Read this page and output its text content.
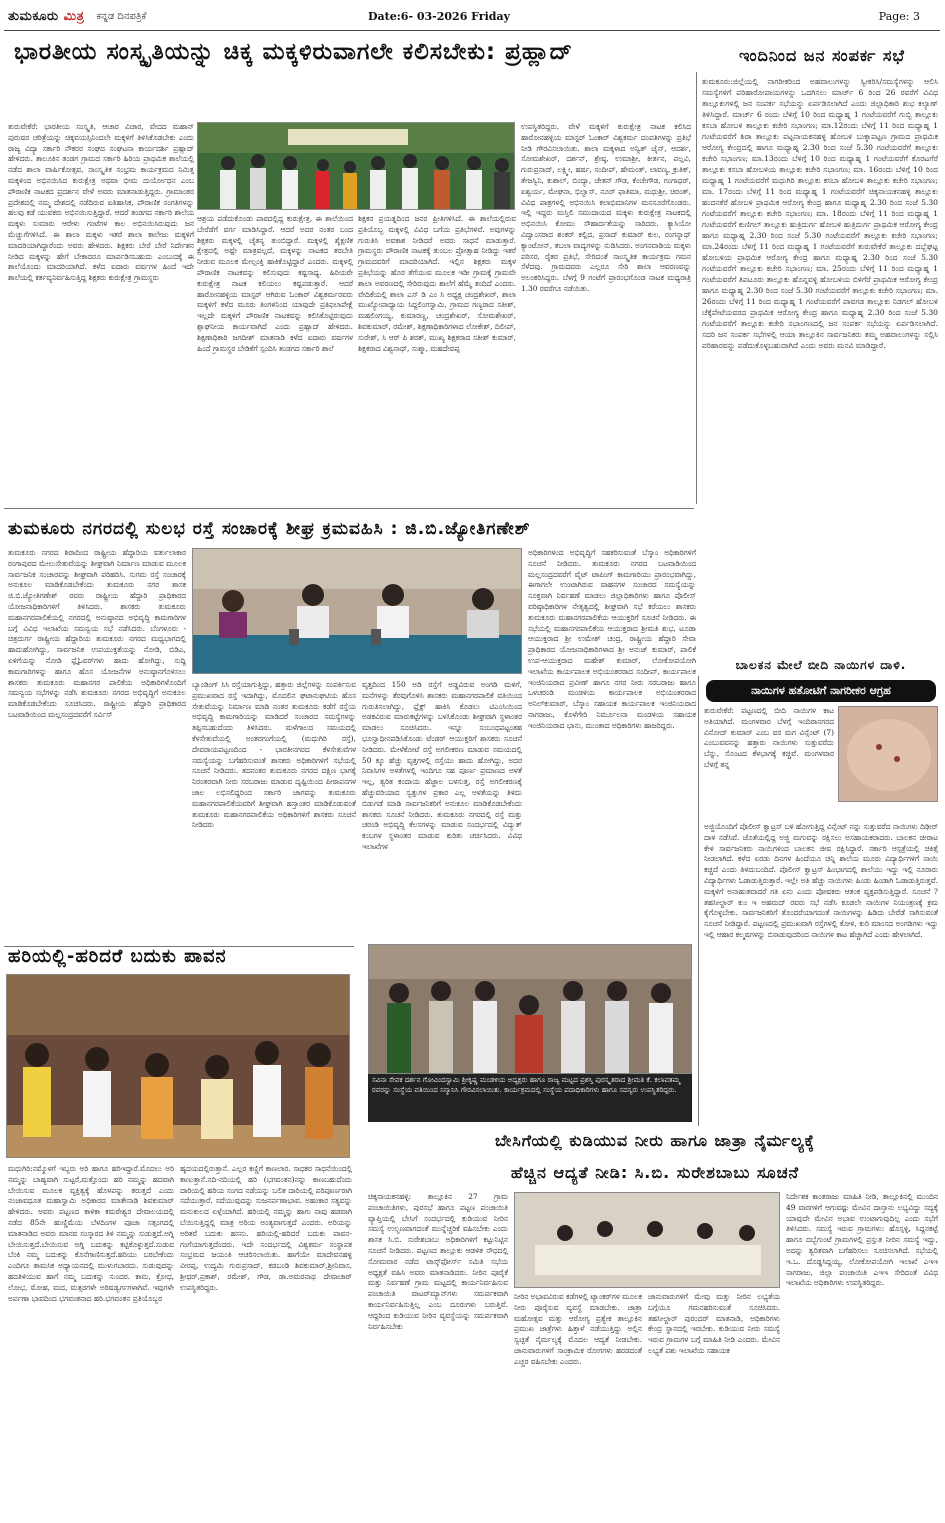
ತುಮಕೂರು ಮಿತ್ರ ಕನ್ನಡ ದಿನಪತ್ರಿಕೆ	Date:6- 03-2026 Friday	Page: 3
ಭಾರತೀಯ ಸಂಸ್ಕೃತಿಯನ್ನು ಚಿಕ್ಕ ಮಕ್ಕಳಿರುವಾಗಲೇ ಕಲಿಸಬೇಕು: ಪ್ರಹ್ಲಾದ್	ಇಂದಿನಿಂದ ಜನ ಸಂಪರ್ಕ ಸಭೆ
ತುರುವೇಕೆರೆ: ಭಾರತೀಯ ಸಂಸ್ಕೃತಿ, ಆಚಾರ ವಿಚಾರ, ವೇದದ ಮಹಾನ್ ಪುರುಷರ ಚರಿತ್ರೆಯನ್ನು ಚಿಕ್ಕವಯಸ್ಸಿನಿಂದಲೇ ಮಕ್ಕಳಿಗೆ ತಿಳಿಸಿಕೊಡಬೇಕು ಎಂದು ರಾಜ್ಯ ವಿದ್ಯಾ ಸರ್ಕಾರಿ ನೌಕರರ ಸಂಘದ ಸಂಘಟನಾ ಕಾರ್ಯದರ್ಶಿ ಪ್ರಹ್ಲಾದ್ ಹೇಳಿದರು. ತಾಲೂಕಿನ ತಂಡಗ ಗ್ರಾಮದ ಸರ್ಕಾರಿ ಹಿರಿಯ ಪ್ರಾಥಮಿಕ ಶಾಲೆಯಲ್ಲಿ ನಡೆದ ಶಾಲಾ ವಾರ್ಷಿಕೋತ್ಸವ, ಸಾಂಸ್ಕೃತಿಕ ಸಂಭ್ರಮ ಕಾರ್ಯಕ್ರಮದ ನಿಮಿತ್ತ ಮಕ್ಕಳಿಂದ ಅಭಿನಯಿಸಿದ ಕುರುಕ್ಷೇತ್ರ ಅಥವಾ ಭೀಮ ದುರ್ಯೋಧನ ಎಂಬ ಪೌರಾಣಿಕ ನಾಟಕದ ಪ್ರದರ್ಶನ ವೇಳೆ ಅವರು ಮಾತನಾಡುತ್ತಿದ್ದರು. ಗ್ರಾಮಾಂತರ ಪ್ರದೇಶದಲ್ಲಿ ನಮ್ಮ ದೇಶದಲ್ಲಿ ನಡೆದಿರುವ ಐತಿಹಾಸಿಕ, ಪೌರಾಣಿಕ ಸಂಗತಿಗಳನ್ನು ಹಲವು ಕಡೆ ಯುವಕರು ಅಭಿನಯಿಸುತ್ತಿದ್ದಾರೆ. ಆದರೆ ತಂಡಗದ ಸರ್ಕಾರಿ ಶಾಲೆಯ ಮಕ್ಕಳು ಸುಮಾರು ಆರೇಳು ಗಂಟೆಗಳ ಕಾಲ ಅಭಿನಯಿಸಿರುವುದು ಜನ ಮೆಚ್ಚುಗೆಗಳಿಸಿದೆ. ಈ ಶಾಲಾ ಮಕ್ಕಳು ಇತರೆ ಶಾಲಾ ಕಾಲೇಜು ಮಕ್ಕಳಿಗೆ ಮಾದರಿಯಾಗಿದ್ದಾರೆಂದು ಅವರು ಹೇಳಿದರು. ಶಿಕ್ಷಕರು ಬೇರೆ ಬೇರೆ ನಿರ್ದೇಶನ ನೀಡಿದ ಮಕ್ಕಳನ್ನು ಹೇಗೆ ಬೇಕಾದರೂ ಮಾರ್ಪಡಿಸಬಹುದು ಎಂಬುದಕ್ಕೆ ಈ ಶಾಲೆಯೊಂದು ಮಾದರಿಯಾಗಿದೆ. ಕಳೆದ ಐದಾರು ವರ್ಷಗಳ ಹಿಂದೆ ಇದೇ ಶಾಲೆಯಲ್ಲಿ ಕರ್ತವ್ಯನಿರ್ವಹಿಸುತ್ತಿದ್ದ ಶಿಕ್ಷಕರು ಕುರುಕ್ಷೇತ್ರ ಗ್ರಾಮಸ್ಥರು
ಆಶ್ರಯ ಪಡೆದುಕೊಂಡು ಪಾಠದಲ್ಲಿದ್ದ ಕುರುಕ್ಷೇತ್ರ, ಈ ಶಾಲೆಯಿಂದ ಬೇರೆಡೆಗೆ ವರ್ಗ ಮಾಡಿಸಿದ್ದಾರೆ. ಆದರೆ ಅದರ ನಂತರ ಬಂದ ಶಿಕ್ಷಕರು ಮಕ್ಕಳಲ್ಲಿ ಚೈತನ್ಯ ತುಂಬಿದ್ದಾರೆ. ಮಕ್ಕಳಲ್ಲಿ ಶೈಕ್ಷಣಿಕ ಕ್ಷೇತ್ರದಲ್ಲಿ ಅಷ್ಟೇ ಮಾತ್ರವಲ್ಲದೆ, ಮಕ್ಕಳನ್ನು ನಾಟಕದ ತರಬೇತಿ ನೀಡುವ ಮೂಲಕ ಮೇಲ್ಪಂಕ್ತಿ ಹಾಕಿಕೊಟ್ಟಿದ್ದಾರೆ ಎಂದರು. ಮಕ್ಕಳಲ್ಲಿ ಪೌರಾಣಿಕ ನಾಟಕವನ್ನು ಕಲಿಸುವುದು ಕಷ್ಟಸಾಧ್ಯ. ಹಿರಿಯರೇ ಕುರುಕ್ಷೇತ್ರ ನಾಟಕ ಕಲಿಯಲು ಕಷ್ಟಪಡುತ್ತಾರೆ. ಆದರೆ ಹಾರೋನಹಳ್ಳಿಯ ಮಾಸ್ಟರ್ ಆಗಿರುವ ಓಂಕಾರ್ ವಿಶ್ವಕರ್ಮರವರು ಮಕ್ಕಳಿಗೆ ಕಳೆದ ಮೂರು ತಿಂಗಳಿನಿಂದ ಯಾವುದೇ ಪ್ರತಿಫಲಾಪೇಕ್ಷೆ ಇಲ್ಲದೇ ಮಕ್ಕಳಿಗೆ ಪೌರಾಣಿಕ ನಾಟಕವನ್ನು ಕಲಿಸಿಕೊಟ್ಟಿರುವುದು ಶ್ಲಾಘನೀಯ ಕಾರ್ಯವಾಗಿದೆ ಎಂದು ಪ್ರಹ್ಲಾದ್ ಹೇಳಿದರು. ಶಿಕ್ಷಣಾಧಿಕಾರಿ ಜಗದೀಶ್ ಮಾತನಾಡಿ ಕಳೆದ ಐದಾರು ವರ್ಷಗಳ ಹಿಂದೆ ಗ್ರಾಮಸ್ಥರ ಬೇಡಿಕೆಗೆ ಸ್ಪಂದಿಸಿ ತಂಡಗದ ಸರ್ಕಾರಿ ಶಾಲೆ
ಶಿಕ್ಷಕರ ಪ್ರಯತ್ನದಿಂದ ಜನರ ಪ್ರೀತಿಗಳಿಸಿದೆ. ಈ ಶಾಲೆಯಲ್ಲಿರುವ ಪ್ರತಿಯೊಬ್ಬ ಮಕ್ಕಳಲ್ಲಿ ವಿವಿಧ ಬಗೆಯ ಪ್ರತಿಭೆಗಳಿವೆ. ಅವುಗಳನ್ನು ಗುರುತಿಸಿ ಅವಕಾಶ ನೀಡಿದರೆ ಅವರು ಸಾಧನೆ ಮಾಡುತ್ತಾರೆ. ಗ್ರಾಮಸ್ಥರು ಪೌರಾಣಿಕ ನಾಟಕಕ್ಕೆ ತುಂಬಲ ಪ್ರೋತ್ಸಾಹ ನೀಡಿದ್ದು ಇತರೆ ಗ್ರಾಮದವರಿಗೆ ಮಾದರಿಯಾಗಿದೆ. ಇಲ್ಲಿನ ಶಿಕ್ಷಕರು ಮಕ್ಕಳ ಪ್ರತಿಭೆಯನ್ನು ಹೊರ ತೆಗೆಯುವ ಮೂಲಕ ಇಡೀ ಗ್ರಾಮಕ್ಕೆ ಗ್ರಾಮವೇ ಶಾಲಾ ಅವರಣದಲ್ಲಿ ಸೇರಿರುವುದು ಶಾಲೆಗೆ ಹೆಮ್ಮೆ ತಂದಿದೆ ಎಂದರು. ವೇದಿಕೆಯಲ್ಲಿ ಶಾಲಾ ಎಸ್ ಡಿ ಎಂ ಸಿ ಅಧ್ಯಕ್ಷ ಚಂದ್ರಶೇಖರ್, ಶಾಲಾ ಮುಖ್ಯೋಪಾಧ್ಯಾಯ ಸಿದ್ದಲಿಂಗಸ್ವಾಮಿ, ಗ್ರಾಮದ ಗಣ್ಯರಾದ ಸತೀಶ್, ಮಹಲಿಂಗಯ್ಯ, ಕುಮಾರಣ್ಣ, ಚಂದ್ರಶೇಖರ್, ಸೋಮಶೇಖರ್, ಶಿವಕುಮಾರ್, ರಮೇಶ್, ಶಿಕ್ಷಣಾಧಿಕಾರಿಗಳಾದ ಲೋಕೇಶ್, ದಿಲೀಪ್, ಸುರೇಶ್, ಸಿ ಆರ್ ಪಿ ಶರತ್, ಮುಖ್ಯ ಶಿಕ್ಷಕರಾದ ಸತೀಶ್ ಕುಮಾರ್, ಶಿಕ್ಷಕರಾದ ವಿಶ್ವನಾಥ್, ಸುಶ್ಮಾ, ಮಹದೇವಪ್ಪ
ಉಪಸ್ಥಿತರಿದ್ದರು. ವೇಳೆ ಮಕ್ಕಳಿಗೆ ಕುರುಕ್ಷೇತ್ರ ನಾಟಕ ಕಲಿಸಿದ ಹಾರೋನಹಳ್ಳಿಯ ಮಾಸ್ಟರ್ ಓಂಕಾರ್ ವಿಶ್ವಕರ್ಮ ದಂಪತಿಗಳನ್ನು ಪ್ರತಿಭೆ ನೀಡಿ ಗೌರವಿಸಲಾಯಿತು. ಶಾಲಾ ಮಕ್ಕಳಾದ ಅನ್ವಿತ್ ಜೈನ್, ಆದರ್ಶ, ಸೋಮಶೇಖರ್, ದರ್ಶನ್, ಶ್ರೇಷ್ಠ, ಉಮಾಶ್ರೀ, ಕೀರ್ತನ, ಪಲ್ಲವಿ, ಗುರುಪ್ರಸಾದ್, ಲಕ್ಷ್ಮೀ, ಹರ್ಷ, ಸಂದೀಪ್, ಹೇಮಂತ್, ಲಾವಣ್ಯ, ಕ್ರುತಿಕ್, ತೇಜಸ್ವಿನಿ, ಕುಶಾಲ್, ಬಿಂದ್ಯಾ, ಚೇತನ್ ಗೌಡ, ಕೆಂಚೇಗೌಡ, ಗಂಗಾಧರ್, ಐಶ್ವರ್ಯ, ಮೇಘನಾ, ಭಿಲ್ವಾಸ್, ನೂರ್ ಫಾತಿಮಾ, ಮಧುಶ್ರೀ, ಚಿರಂತ್, ವಿವಿಧ ಪಾತ್ರಗಳಲ್ಲಿ ಅಭಿನಯಿಸಿ ಕಲಾಭಿಮಾನಿಗಳ ಮನಸೂರೆಗೊಂಡರು. ಇಲ್ಲಿ ಇದ್ದರು ಮಸ್ತಿಲಿ ಸಮುದಾಯದ ಮಕ್ಕಳು ಕುರುಕ್ಷೇತ್ರ ನಾಟಕದಲ್ಲಿ ಅಭಿನಯಿಸಿ ಕೋಮು ಸೌಹಾರ್ದತೆಯನ್ನು ಸಾರಿದರು. ಕ್ಯಾಸಿಯೋ ವಿದ್ವಾಂಸರಾದ ಶಂಕರ್ ಕಲ್ಲಿದ, ಪ್ರಸಾದ್ ಕುಮಾರ್ ಕುಲ, ರಂಗನ್ನಾಥ್ ಕ್ಯಾಂಟೋನ್, ತಬಲಾ ವಾದ್ಯಗಳನ್ನು ನುಡಿಸಿದರು. ಅಂಗನವಾಡಿಯ ಮಕ್ಕಳು ಪರಿಸರ, ರೈತರ ಪ್ರತಿಭೆ, ಸೇರಿದಂತೆ ಸಾಂಸ್ಕೃತಿಕ ಕಾರ್ಯಕ್ರಮ ಗಮನ ಸೆಳೆದವು. ಗ್ರಾಮದವರು ಎಲ್ಲರೂ ಸೇರಿ ಶಾಲಾ ಆವರಣವನ್ನು ಅಲಂಕರಿಸಿದ್ದರು. ಬೆಳಗ್ಗೆ 9 ಗಂಟೆಗೆ ಪ್ರಾರಂಭಗೊಂಡ ನಾಟಕ ಮಧ್ಯರಾತ್ರಿ 1.30 ರವರೆಗೂ ನಡೆಯಿತು.
ತುಮಕೂರು:ಜಿಲ್ಲೆಯಲ್ಲಿ ನಾಗರೀಕರಿಂದ ಅಹವಾಲುಗಳನ್ನು ಸ್ವೀಕರಿಸಿ/ಸಮಸ್ಯೆಗಳನ್ನು ಆಲಿಸಿ ಸಮಸ್ಯೆಗಳಿಗೆ ಪರಿಹಾರೋಪಾಯಗಳನ್ನು ಒದಗಿಸಲು ಮಾರ್ಚ್ 6 ರಿಂದ 26 ರವರೆಗೆ ವಿವಿಧ ತಾಲ್ಲೂಕುಗಳಲ್ಲಿ ಜನ ಸಂಪರ್ಕ ಸಭೆಯನ್ನು ಏರ್ಪಡಿಸಲಾಗಿದೆ ಎಂದು ಜಿಲ್ಲಾಧಿಕಾರಿ ಶುಭ ಕಲ್ಯಾಣ್ ತಿಳಿಸಿದ್ದಾರೆ. ಮಾರ್ಚ್ 6 ರಂದು ಬೆಳಿಗ್ಗೆ 10 ರಿಂದ ಮಧ್ಯಾಹ್ನ 1 ಗಂಟೆಯವರೆಗೆ ಗುಬ್ಬಿ ತಾಲ್ಲೂಕು ಕಸಬಾ ಹೋಬಳಿ ತಾಲ್ಲೂಕು ಕಚೇರಿ ಸಭಾಂಗಣ; ಮಾ.12ರಂದು ಬೆಳಿಗ್ಗೆ 11 ರಿಂದ ಮಧ್ಯಾಹ್ನ 1 ಗಂಟೆಯವರೆಗೆ ಶಿರಾ ತಾಲ್ಲೂಕು ಪಟ್ಟನಾಯಕನಹಳ್ಳಿ ಹೋಬಳಿ ಬುಕ್ಕಾಪಟ್ಟಣ ಗ್ರಾಮದ ಪ್ರಾಥಮಿಕ ಆರೋಗ್ಯ ಕೇಂದ್ರದಲ್ಲಿ ಹಾಗೂ ಮಧ್ಯಾಹ್ನ 2.30 ರಿಂದ ಸಂಜೆ 5.30 ಗಂಟೆಯವರೆಗೆ ತಾಲ್ಲೂಕು ಕಚೇರಿ ಸಭಾಂಗಣ; ಮಾ.13ರಂದು ಬೆಳಿಗ್ಗೆ 10 ರಿಂದ ಮಧ್ಯಾಹ್ನ 1 ಗಂಟೆಯವರೆಗೆ ಕೊರಟಗೆರೆ ತಾಲ್ಲೂಕು ಕಸಬಾ ಹೋಬಳಿಯ ತಾಲ್ಲೂಕು ಕಚೇರಿ ಸಭಾಂಗಣ; ಮಾ. 16ರಂದು ಬೆಳಿಗ್ಗೆ 10 ರಿಂದ ಮಧ್ಯಾಹ್ನ 1 ಗಂಟೆಯವರೆಗೆ ಮಧುಗಿರಿ ತಾಲ್ಲೂಕು ಕಸಬಾ ಹೋಬಳಿ ತಾಲ್ಲೂಕು ಕಚೇರಿ ಸಭಾಂಗಣ; ಮಾ. 17ರಂದು ಬೆಳಿಗ್ಗೆ 11 ರಿಂದ ಮಧ್ಯಾಹ್ನ 1 ಗಂಟೆಯವರೆಗೆ ಚಿಕ್ಕನಾಯಕನಹಳ್ಳಿ ತಾಲ್ಲೂಕು ಹಂದನಕೆರೆ ಹೋಬಳಿ ಪ್ರಾಥಮಿಕ ಆರೋಗ್ಯ ಕೇಂದ್ರ ಹಾಗೂ ಮಧ್ಯಾಹ್ನ 2.30 ರಿಂದ ಸಂಜೆ 5.30 ಗಂಟೆಯವರೆಗೆ ತಾಲ್ಲೂಕು ಕಚೇರಿ ಸಭಾಂಗಣ; ಮಾ. 18ರಂದು ಬೆಳಿಗ್ಗೆ 11 ರಿಂದ ಮಧ್ಯಾಹ್ನ 1 ಗಂಟೆಯವರೆಗೆ ಕುಣಿಗಲ್ ತಾಲ್ಲೂಕು ಹುತ್ರಿದುರ್ಗ ಹೋಬಳಿ ಹುತ್ರಿದುರ್ಗ ಪ್ರಾಥಮಿಕ ಆರೋಗ್ಯ ಕೇಂದ್ರ ಹಾಗೂ ಮಧ್ಯಾಹ್ನ 2.30 ರಿಂದ ಸಂಜೆ 5.30 ಗಂಟೆಯವರೆಗೆ ತಾಲ್ಲೂಕು ಕಚೇರಿ ಸಭಾಂಗಣ; ಮಾ.24ರಂದು ಬೆಳಿಗ್ಗೆ 11 ರಿಂದ ಮಧ್ಯಾಹ್ನ 1 ಗಂಟೆಯವರೆಗೆ ತುರುವೇಕೆರೆ ತಾಲ್ಲೂಕು ದಬ್ಬೆಘಟ್ಟ ಹೋಬಳಿಯ ಪ್ರಾಥಮಿಕ ಆರೋಗ್ಯ ಕೇಂದ್ರ ಹಾಗೂ ಮಧ್ಯಾಹ್ನ 2.30 ರಿಂದ ಸಂಜೆ 5.30 ಗಂಟೆಯವರೆಗೆ ತಾಲ್ಲೂಕು ಕಚೇರಿ ಸಭಾಂಗಣ; ಮಾ. 25ರಂದು ಬೆಳಿಗ್ಗೆ 11 ರಿಂದ ಮಧ್ಯಾಹ್ನ 1 ಗಂಟೆಯವರೆಗೆ ತಿಪಟೂರು ತಾಲ್ಲೂಕು ಹೊನ್ನವಳ್ಳಿ ಹೋಬಳಿಯ ಬಿಳಿಗೆರೆ ಪ್ರಾಥಮಿಕ ಆರೋಗ್ಯ ಕೇಂದ್ರ ಹಾಗೂ ಮಧ್ಯಾಹ್ನ 2.30 ರಿಂದ ಸಂಜೆ 5.30 ಗಂಟೆಯವರೆಗೆ ತಾಲ್ಲೂಕು ಕಚೇರಿ ಸಭಾಂಗಣ; ಮಾ. 26ರಂದು ಬೆಳಿಗ್ಗೆ 11 ರಿಂದ ಮಧ್ಯಾಹ್ನ 1 ಗಂಟೆಯವರೆಗೆ ಪಾವಗಡ ತಾಲ್ಲೂಕು ನಿಡಗಲ್ ಹೋಬಳಿ ಚೆಕ್ಕೆಪೇಟೆಯವರದ ಪ್ರಾಥಮಿಕ ಆರೋಗ್ಯ ಕೇಂದ್ರ ಹಾಗೂ ಮಧ್ಯಾಹ್ನ 2.30 ರಿಂದ ಸಂಜೆ 5.30 ಗಂಟೆಯವರೆಗೆ ತಾಲ್ಲೂಕು ಕಚೇರಿ ಸಭಾಂಗಣದಲ್ಲಿ ಜನ ಸಂಪರ್ಕ ಸಭೆಯನ್ನು ಏರ್ಪಡಿಸಲಾಗಿದೆ. ಸದರಿ ಜನ ಸಂಪರ್ಕ ಸಭೆಗಳಲ್ಲಿ ಆಯಾ ತಾಲ್ಲೂಕಿನ ಸಾರ್ವಜನಿಕರು ತಮ್ಮ ಅಹವಾಲುಗಳನ್ನು ಸಲ್ಲಿಸಿ ಪರಿಹಾರವನ್ನು ಪಡೆದುಕೊಳ್ಳಬಹುದಾಗಿದೆ ಎಂದು ಅವರು ಮನವಿ ಮಾಡಿದ್ದಾರೆ.
ತುಮಕೂರು ನಗರದಲ್ಲಿ ಸುಲಭ ರಸ್ತೆ ಸಂಚಾರಕ್ಕೆ ಶೀಘ್ರ ಕ್ರಮವಹಿಸಿ : ಜಿ.ಬಿ.ಜ್ಯೋತಿಗಣೇಶ್
ತುಮಕೂರು ನಗರದ ಶಿರಾದಿಂದ ರಾಷ್ಟ್ರೀಯ ಹೆದ್ದಾರಿಯ ವರ್ತುಲಾಕಾರ ರಂಗಾಪುರದ ಮೇಲುಸೇತುವೆಯನ್ನು ಶೀಘ್ರವಾಗಿ ನಿರ್ಮಾಣ ಮಾಡುವ ಮೂಲಕ ಸಾರ್ವಜನಿಕ ಸಂಚಾರವನ್ನು ಶೀಘ್ರವಾಗಿ ಪರಿಹರಿಸಿ. ಸುಗಮ ರಸ್ತೆ ಸಂಚಾರಕ್ಕೆ ಅನುಕೂಲ ಮಾಡಿಕೊಡಬೇಕೆಂದು ತುಮಕೂರು ನಗರ ಶಾಸಕ ಜಿ.ಬಿ.ಜ್ಯೋತಿಗಣೇಶ್ ರವರು ರಾಷ್ಟ್ರೀಯ ಹೆದ್ದಾರಿ ಪ್ರಾಧಿಕಾರದ ಯೋಜನಾಧಿಕಾರಿಗಳಿಗೆ ತಿಳಿಸಿದರು. ಶಾಸಕರು ತುಮಕೂರು ಮಹಾನಗರಪಾಲಿಕೆಯಲ್ಲಿ ನಗರದಲ್ಲಿ ಅನುಷ್ಠಾನದ ಅಭಿವೃದ್ಧಿ ಕಾಮಗಾರಿಗಳ ಬಗ್ಗೆ ವಿವಿಧ ಇಲಾಖೆಯ ಸಮನ್ವಯ ಸಭೆ ನಡೆಸಿದರು. ಬೆಂಗಳೂರು - ಚಿತ್ರದುರ್ಗ ರಾಷ್ಟ್ರೀಯ ಹೆದ್ದಾರಿಯ ತುಮಕೂರು ನಗರದ ಮಧ್ಯಭಾಗದಲ್ಲಿ ಹಾದುಹೋಗಿದ್ದು, ಸಾರ್ವಜನಿಕ ಉಪಯುಕ್ತತೆಯನ್ನು ನೋಡಿ, ಬಿಡಿಎ, ಏಳಿಗೆಯನ್ನು ನೋಡಿ ಫ್ಲೈಓವರ್‌ಗಳು ಹಾದು ಹೋಗಿದ್ದು, ಸುದ್ದಿ ಕಾಮಗಾರಿಗಳನ್ನು ಹಾಗೂ ಹೊಸ ಯೋಜನೆಗಳ ಅನುಷ್ಠಾನಗೊಳಿಸಲು ಶಾಸಕರು ತುಮಕೂರು ಮಹಾನಗರ ಪಾಲಿಕೆಯ ಅಧಿಕಾರಿಗಳೊಂದಿಗೆ ಸಮನ್ವಯ ಸಭೆಗಳನ್ನು ನಡೆಸಿ ತುಮಕೂರು ನಗರದ ಅಭಿವೃದ್ಧಿಗೆ ಅನುಕೂಲ ಮಾಡಿಕೊಡಬೇಕೆಂದು ಸೂಚಿಸಿದರು. ರಾಷ್ಟ್ರೀಯ ಹೆದ್ದಾರಿ ಪ್ರಾಧಿಕಾರದ ಬಟವಾಡಿಯಿಂದ ಮಲ್ಲಸಂದ್ರದವರೆಗೆ ಸರ್ವಿಸ್
ಬ್ಯಾಂಡಿಂಗ್ ಸಿಸಿ ರಸ್ತೆಯಾಗುತ್ತಿದ್ದು, ಹತ್ತಾರು ಜಿಲ್ಲೆಗಳನ್ನು ಸಂಪರ್ಕಿಸುವ ಪ್ರಮುಖವಾದ ರಸ್ತೆ ಇದಾಗಿದ್ದು, ಮೊದಲಿನ ಘಟಾನುಘಟಿಯ ಹೊಸ ಸೇತುವೆಯನ್ನು ನಿರ್ಮಾಣ ಮಾಡಿ ನಂತರ ತುಮಕೂರು ಕಡೆಗೆ ರಸ್ತೆಯ ಅಭಿವೃದ್ಧಿ ಕಾಮಗಾರಿಯನ್ನು ಮಾಡಿದರೆ ಸಂಚಾರದ ಸಮಸ್ಯೆಗಳನ್ನು ತಪ್ಪಿಸಬಹುದೆಂದು ತಿಳಿಸಿದರು. ಮಳೆಗಾಲದ ಸಮಯದಲ್ಲಿ ಕೆಳಸೇತುವೆಯಲ್ಲಿ ಅಂತರಗಂಗೆಯಲ್ಲಿ (ಮಧುಗಿರಿ ರಸ್ತೆ), ದೇವರಾಯಪಟ್ಟಣದಿಂದ - ಭಾರತೀನಗರದ ಕೆಳಸೇತುವೆಗಳ ಸಮಸ್ಯೆಯನ್ನು ಬಗೆಹರಿಸುವಂತೆ ಶಾಸಕರು ಅಧಿಕಾರಿಗಳಿಗೆ ಸಭೆಯಲ್ಲಿ ಸೂಚನೆ ನೀಡಿದರು. ತದನಂತರ ತುಮಕೂರು ನಗರದ ದಕ್ಷಿಣ ಭಾಗಕ್ಕೆ ನಿರಂತರವಾಗಿ ನೀರು ಸರಬರಾಜು ಮಾಡುವ ದೃಷ್ಟಿಯಿಂದ ಪೀಠಾಪನಗಳ ಜಾಲ ಲಭಿಸಲಿದ್ದರಿಂದ ಸರ್ಕಾರಿ ಜಾಗವನ್ನು ತುಮಕೂರು ಮಹಾನಗರಪಾಲಿಕೆಯವರಿಗೆ ಶೀಘ್ರವಾಗಿ ಹಸ್ತಾಂತರ ಮಾಡಿಕೊಡುವಂತೆ ತುಮಕೂರು ಮಹಾನಗರಪಾಲಿಕೆಯ ಅಧಿಕಾರಿಗಳಿಗೆ ಶಾಸಕರು ಸೂಚನೆ ನೀಡಿದರು
ವೃತ್ತದಿಂದ 150 ಅಡಿ ರಸ್ತೆಗೆ ಅಡ್ಡವಿರುವ ಅಂಗಡಿ ಮಳಿಗೆ, ಮನೆಗಳನ್ನು ತೆರವುಗೊಳಿಸಿ ಶಾಸಕರು ಮಹಾನಗರಪಾಲಿಕೆ ವತಿಯಿಂದ ಗುರುತಿಸಲಾಗಿದ್ದು, ಫ್ಲೆಕ್ಸ್ ಹಾಕಿಸಿ ಕೊಡಲು ಟಿಎಂಸಿಯಿಂದ ಅಡಕವಿರುವ ಮಾರುಕಟ್ಟೆಗಳನ್ನು ಬಳಸಿಕೊಂಡು ಶೀಘ್ರವಾಗಿ ಸ್ಥಳಾಂತರ ಮಾಡಲು ಸೂಚಿಸಿದರು. ಇನ್ನೂ ಸಂಬಂಧಪಟ್ಟಂತಹ ಭೂಸ್ವಾಧೀನಪಡಿಸಿಕೊಂಡು ಟೆಂಡರ್ ಆಯುಕ್ತರಿಗೆ ಶಾಸಕರು ಸೂಚನೆ ನೀಡಿದರು. ಮೇಳೆಕೋಟೆ ರಸ್ತೆ ಅಗಲೀಕರಣ ಮಾಡುವ ಸಮಯದಲ್ಲಿ 50 ಕ್ಕೂ ಹೆಚ್ಚು ವೃತ್ತಗಳಲ್ಲಿ ರಸ್ತೆಯು ಹಾದು ಹೋಗಿದ್ದು, ಅದರ ನಿವಾಸಿಗಳ ಅಳತೆಗಳಲ್ಲಿ ಇಂದಿಗೂ ಸಹ ಪೂರ್ಣ ಪ್ರಮಾಣದ ಅಳತೆ ಇಲ್ಲ, ತ್ವರಿತ ಕಂದಾಯ ಹೆಜ್ಜಾಲ ಬಳಸುತ್ತ, ರಸ್ತೆ ಅಗಲೀಕರಣಕ್ಕೆ ಹೆಚ್ಚುವರಿಯಾದ ಸ್ವತ್ತುಗಳ ಪ್ರಕಾರ ಎಲ್ಲ ಅಳತೆಯನ್ನು ತಿಳಿದು ಬಿಡುಗಡೆ ಮಾಡಿ ಸಾರ್ವಜನಿಕರಿಗೆ ಅನುಕೂಲ ಮಾಡಿಕೊಡಬೇಕೆಂದು ಶಾಸಕರು ಸೂಚನೆ ನೀಡಿದರು. ತುಮಕೂರು ನಗರದಲ್ಲಿ ರಸ್ತೆ ಮತ್ತು ಚರಂಡಿ ಅಭಿವೃದ್ಧಿ ಕೆಲಸಗಳನ್ನು ಮಾಡುವ ಸಂದರ್ಭದಲ್ಲಿ ವಿದ್ಯುತ್ ಕಂಬಗಳ ಸ್ಥಳಾಂತರ ಮಾಡುವ ಕುರಿತು ಚರ್ಚಿಸಿದರು. ವಿವಿಧ ಇಲಾಖೆಗಳ
ಅಧಿಕಾರಿಗಳಿಂದ ಅಭಿವೃದ್ಧಿಗೆ ಸಹಕರಿಸುವಂತೆ ಬೆಸ್ಕಾಂ ಅಧಿಕಾರಿಗಳಿಗೆ ಸೂಚನೆ ನೀಡಿದರು. ತುಮಕೂರು ನಗರದ ಬಟವಾಡಿಯಿಂದ ಮಲ್ಲಸಂದ್ರದವರೆಗೆ ವೈಟ್ ಟಾಪಿಂಗ್ ಕಾಮಗಾರಿಯು ಪ್ರಾರಂಭವಾಗಿದ್ದು, ಈಗಾಗಲೇ ಉಂಟಾಗಿರುವ ವಾಹನಗಳ ಸಂಚಾರದ ಸಮಸ್ಯೆಯನ್ನು ಸೂಕ್ತವಾಗಿ ನಿರ್ವಹಣೆ ಮಾಡಲು ಜಿಲ್ಲಾಧಿಕಾರಿಗಳು ಹಾಗೂ ಪೊಲೀಸ್ ವರಿಷ್ಠಾಧಿಕಾರಿಗಳ ನೇತೃತ್ವದಲ್ಲಿ ಶೀಘ್ರವಾಗಿ ಸಭೆ ಕರೆಯಲು ಶಾಸಕರು ತುಮಕೂರು ಮಹಾನಗರಪಾಲಿಕೆಯ ಆಯುಕ್ತರಿಗೆ ಸೂಚನೆ ನೀಡಿದರು. ಈ ಸಭೆಯಲ್ಲಿ ಮಹಾನಗರಪಾಲಿಕೆಯ ಆಯುಕ್ತರಾದ ಶ್ರೀಮತಿ ಶುಭ, ಟೂಡಾ ಆಯುಕ್ತರಾದ ಶ್ರೀ ಉಮೇಶ್ ಚಂದ್ರ, ರಾಷ್ಟ್ರೀಯ ಹೆದ್ದಾರಿ ಸೇವಾ ಪ್ರಾಧಿಕಾರದ ಯೋಜನಾಧಿಕಾರಿಗಳಾದ ಶ್ರೀ ಅನುಜ್ ಕುಮಾರ್, ಪಾಲಿಕೆ ಉಪ-ಆಯುಕ್ತರಾದ ಮಹೇಶ್ ಕುಮಾರ್, ಲೋಕೋಪಯೋಗಿ ಇಲಾಖೆಯ ಕಾರ್ಯಪಾಲಕ ಅಭಿಯಂತರರಾದ ಸಂದೀಪ್, ಕಾರ್ಯಪಾಲಕ ಇಂಜಿನಿಯರಾದ ಪ್ರವೀಣ್ ಹಾಗೂ ನಗರ ನೀರು ಸರಬರಾಜು ಹಾಗೂ ಒಳಚರಂಡಿ ಮಂಡಳಿಯ ಕಾರ್ಯಪಾಲಕ ಅಭಿಯಂತರರಾದ ಅನಿಲ್‌ಕುಮಾರ್, ಬೆಸ್ಕಾಂ ಸಹಾಯಕ ಕಾರ್ಯಪಾಲಕ ಇಂಜಿನಿಯರಾದ ನಾಗರಾಜು, ಕೊಳೆಗೇರಿ ನಿರ್ಮೂಲನಾ ಮಂಡಳಿಯ ಸಹಾಯಕ ಇಂಜಿನಿಯರಾದ ಭಾನು, ಮುಂತಾದ ಅಧಿಕಾರಿಗಳು ಹಾಜರಿದ್ದರು.
ಬಾಲಕನ ಮೇಲೆ ಬೀದಿ ನಾಯಿಗಳ ದಾಳಿ.
ನಾಯಿಗಳ ಹತೋಟಿಗೆ ನಾಗರೀಕರ ಆಗ್ರಹ
ತುರುವೇಕೆರೆ: ಪಟ್ಟಣದಲ್ಲಿ ಬೀದಿ ನಾಯಿಗಳ ಕಾಟ ಅತಿಯಾಗಿದೆ. ಮಂಗಳವಾರ ಬೆಳಗ್ಗೆ ಇಂದಿರಾನಗರದ ವಿನೋದ್ ಕುಮಾರ್ ಎಂಬ ವರ ಮಗ ವಿನ್ಸೆಂಟ್ (7) ಎಂಬುವವನನ್ನು ಹತ್ತಾರು ನಾಯಿಗಳು ಸುತ್ತುವರೆದು ಬೆನ್ನು, ಸೊಂಟದ ಕೆಳಭಾಗಕ್ಕೆ ಕಚ್ಚಿವೆ. ಮಂಗಳವಾರ ಬೆಳಗ್ಗೆ ತನ್ನ
ಅಜ್ಜಿಯೊಂದಿಗೆ ಪೊಲೀಸ್ ಕ್ವಾಟ್ರಸ್ ಬಳಿ ಹೋಗುತ್ತಿದ್ದ ವಿನ್ಸೆಂಟ್ ನನ್ನು ಸುತ್ತುವರೆದ ನಾಯಿಗಳು ದಿಢೀರ್ ದಾಳಿ ನಡೆಸಿವೆ. ಜೊತೆಯಲ್ಲಿದ್ದ ಅಜ್ಜಿ ಮಗುವನ್ನು ರಕ್ಷಿಸಲು ಅಸಹಾಯಕರಾದರು. ಬಾಲಕನ ಚೀರಾಟ ಕೇಳಿ ಸಾರ್ವಜನಿಕರು ನಾಯಿಗಳಿಂದ ಬಾಲಕನ ಜೀವ ರಕ್ಷಿಸಿದ್ದಾರೆ. ಸರ್ಕಾರಿ ಆಸ್ಪತ್ರೆಯಲ್ಲಿ ಚಿಕಿತ್ಸೆ ನೀಡಲಾಗಿದೆ. ಕಳೆದ ಏರಡು ದಿನಗಳ ಹಿಂದೆಯೂ ಚಿನ್ನಿ ಶಾಲೆಯ ಮೂರು ವಿದ್ಯಾರ್ಥಿಗಳಿಗೆ ನಾಯಿ ಕಚ್ಚಿದೆ ಎಂದು ತಿಳಿದುಬಂದಿದೆ. ಪೊಲೀಸ್ ಕ್ವಾಟ್ರಸ್ ಹಿಂಭಾಗದಲ್ಲಿ ಶಾಲೆಯು ಇದ್ದು ಇಲ್ಲಿ ನೂರಾರು ವಿದ್ಯಾರ್ಥಿಗಳು ಓಡಾಡುತ್ತಿರುತ್ತಾರೆ. ಇಲ್ಲೇ ಅತಿ ಹೆಚ್ಚು ನಾಯಿಗಳು ಹಿಂಡು ಹಿಂಡಾಗಿ ಓಡಾಡುತ್ತಿರುತ್ತವೆ. ಮಕ್ಕಳಿಗೆ ಅನಾಹುತವಾದರೆ ಗತಿ ಏನು ಎಂದು ಪೋಷಕರು ಆತಂಕ ವ್ಯಕ್ತಪಡಿಸುತ್ತಿದ್ದಾರೆ. ಸೂಚನೆ ? ತಹಸೀಲ್ದಾರ್ ಕುಂ ಇ ಅಹಮದ್ ರವರು ಸಭೆ ನಡೆಸಿ ಕೂಡಲೇ ನಾಯಿಗಳ ನಿಯಂತ್ರಣಕ್ಕೆ ಕ್ರಮ ಕೈಗೊಳ್ಳಬೇಕು. ಸಾರ್ವಜನಿಕರಿಗೆ ತೊಂದರೆಯಾಗದಂತೆ ನಾಯಿಗಳನ್ನು ಹಿಡಿದು ಬೇರೆಡೆ ಸಾಗಿಸುವಂತೆ ಸೂಚನೆ ನೀಡಿದ್ದಾರೆ. ಪಟ್ಟಣದಲ್ಲಿ ಪ್ರಮುಖವಾಗಿ ರಸ್ತೆಗಳಲ್ಲಿ ಕೋಳಿ, ಕುರಿ ಮಾಂಸದ ಅಂಗಡಿಗಳು ಇದ್ದು ಇಲ್ಲಿ ಆಹಾರ ಕಲ್ಮಷಗಳನ್ನು ಬಿಸಾಡುವುದರಿಂದ ನಾಯಿಗಳ ಕಾಟ ಹೆಚ್ಚಾಗಿದೆ ಎಂದು ಹೇಳಲಾಗಿದೆ.
ಹರಿಯಲ್ಲಿ-ಹರಿದರೆ ಬದುಕು ಪಾವನ
ಮಧುಗಿರಿ:ನಮ್ಮೊಳಗೆ ಇಬ್ಬರು ಅರಿ ಹಾಗೂ ಹರಿಇದ್ದಾರೆ.ಮೊದಲು ಅರಿ ನಮ್ಮನ್ನು ಬಾಹ್ಯವಾಗಿ ಸುಟ್ಟರೆ,ಮತ್ತೊಂದು ಹರಿ ನಮ್ಮನ್ನು ಹದವಾಗಿ ಬೇಯಿಸುವ ಮೂಲಕ ವ್ಯಕ್ತಿತ್ವಕ್ಕೆ ಹೊಳಪನ್ನು ತರುತ್ತದೆ ಎಂದು ನಂಜಾವಧೂತ ಮಹಾಸ್ವಾಮಿ ಅಧಿಕಾರದ ಮಾತೇನಾಡಿ ಶಿವಕುಮಾರ್ ಹೇಳಿದರು. ಅವರು ಪಟ್ಟಣದ ಕಾಳಿಕಾ ಕಮಠೇಶ್ವರ ದೇವಾಲಯದಲ್ಲಿ ನಡೆದ 85ನೇ ಹುಣ್ಣಿಮೆಯ ಬೆಳದಿಂಗಳ ಪೂಜಾ ಸತ್ಸಂಗದಲ್ಲಿ ಮಾತನಾಡಿದ ಅವರು ಮಾನವ ಸಂಸ್ಕಾರದ ತಿಳಿ ನಮ್ಮನ್ನು ಸುಡುತ್ತದೆ.ಅಗ್ನಿ ಬೇಯಿಸುತ್ತದೆ.ಬೇಯಿಸುವ ಅಗ್ನಿ ಬದುಕನ್ನು ಕಟ್ಟಿಕೊಳ್ಳುತ್ತದೆ.ಸುಡುವ ಬೆಂಕಿ ನಮ್ಮ ಬದುಕನ್ನು ಕೊನೆಗಾಣಿಸುತ್ತದೆ.ಹರಿಯು ಬರಬೇಕೆಂದು ಎಂದಿಗೂ ತಾಮಸಿಕ ಅಧ್ಯಾಯನದಲ್ಲಿ ಮುಳುಗಬಾರದು. ಸುಡುವುದನ್ನು ಹದತಿಳಿಯುವ ಹಾಗೆ ನಮ್ಮ ಬದುಕನ್ನು ಸುಂದರ. ಕಾಮ, ಕ್ರೋಧ, ಲೋಭ, ಮೋಹ, ಮದ, ಮತ್ಸರಗಳೇ ಅರಿಷಡ್ವರ್ಗಗಳಾಗಿವೆ. ಇವುಗಳೇ ಅರ್ಪಣಾ ಭಾವದಿಂದ ಭಗವಂತನಾದ ಹರಿ.ಭಗವಂತನ ಪ್ರತಿಯೊಬ್ಬರ
ಹೃದಯದಲ್ಲಿರುತ್ತಾನೆ. ಎಲ್ಲರ ಕಣ್ಣಿಗೆ ಕಾಣಲಾರ. ಸಾಧಕರ ಸಾಧನೆಯಿಂದಲ್ಲಿ ಕಾಣುತ್ತಾನೆ.ನದಿ-ನದಿಯಲ್ಲಿ ಹರಿ (ಭಗವಂತನ)ನನ್ನು ಕಾಣಬಹುದೆಂದು ದಾರಿಯಲ್ಲಿ ಹರಿಯ ಸಂಗದ ನಡೆಯನ್ನು ಬಲಿತ ದಾರಿಯಲ್ಲಿ ಪರಿಪೂರ್ಣರಾಗಿ ಸದೆಯುತ್ತಾರೆ. ಸದೆಯುವುದನ್ನು ಸುಜನರ್ಪಣಾಭಾವ. ಅಹಂಕಾರ ಸತ್ಯವನ್ನು ಮನುಕುಲದ ಏಳ್ಗೆಯಾಗಿದೆ. ಹರಿಯಲ್ಲಿ ನಮ್ಮನ್ನು ಹಾಗು ನಾವು ಹಡವಾಗಿ ಬೆಯಿಸುತ್ತಿದ್ದಲ್ಲಿ ಮಾತ್ರ ಅರಿಯ ಅಂತ್ಯವಾಗುತ್ತದೆ ಎಂದರು. ಅರಿಯನ್ನು ಅರಿತರೆ ಬದುಕು ಹಸನು. ಹರಿಯಲ್ಲಿ-ಹರಿದರೆ ಬದುಕು ಪಾವನ-ಗಂಗೆಯಾಗುತ್ತದೆಂದರು. ಇದೇ ಸಂದರ್ಭದಲ್ಲಿ ವಿಶ್ವಕರ್ಮ ಸಂಸ್ಥಾಪಕ ಸಂಭ್ರಮದ ಜಯಂತಿ ಆಚರಿಸಲಾಯಿತು. ಹಾಗೆಯೇ ಮಾದೇವನಹಳ್ಳಿ ವೀರಪ್ಪ, ಉದ್ಯಮಿ ಗುರುಪ್ರಸಾದ್, ಕಡಬಂಡಿ ಶಿವಕುಮಾರ್,ಶ್ರೀನಿವಾಸ, ಶ್ರೀಧರ್,ಪ್ರಕಾಶ್, ರಮೇಶ್, ಗೌಡ, ಡಾ.ಅಮರನಾಥ ದೇವಾಚಾರ್ ಉಪಸ್ಥಿತರಿದ್ದರು.
ಸವಿನಾ ಸೇವಕ ದರ್ಶನ ಗೋವಿಂದಸ್ವಾಮಿ ಶ್ರೀಕೃಷ್ಣ ಮಂಡಳಿಯ ಅದ್ಯಕ್ಷರು ಹಾಗೂ ರಾಜ್ಯ ಮಟ್ಟದ ಪ್ರಶಸ್ತಿ ಪುರಸ್ಕೃತರಾದ ಶ್ರೀಮತಿ ಕೆ. ಕಲಾವತಮ್ಮ ರವರನ್ನು ಸಂಸ್ಥೆಯ ವತಿಯಿಂದ ಸನ್ಮಾನಿಸಿ ಗೌರವಿಸಲಾಯಿತು. ಕಾರ್ಯಕ್ರಮದಲ್ಲಿ ಸಂಸ್ಥೆಯ ಪದಾಧಿಕಾರಿಗಳು ಹಾಗೂ ಸದಸ್ಯರು ಉಪಸ್ಥಿತರಿದ್ದರು.
ಬೇಸಿಗೆಯಲ್ಲಿ ಕುಡಿಯುವ ನೀರು ಹಾಗೂ ಜಾತ್ರಾ ನೈರ್ಮಲ್ಯಕ್ಕೆ
ಹೆಚ್ಚಿನ ಆದ್ಯತೆ ನೀಡಿ: ಸಿ.ಬಿ. ಸುರೇಶಬಾಬು ಸೂಚನೆ
ಚಿಕ್ಕನಾಯಕನಹಳ್ಳಿ: ತಾಲ್ಲೂಕಿನ 27 ಗ್ರಾಮ ಪಂಚಾಯಿತಿಗಳು, ಪುರಸಭೆ ಹಾಗೂ ಪಟ್ಟಣ ಪಂಚಾಯಿತಿ ವ್ಯಾಪ್ತಿಯಲ್ಲಿ ಬೇಸಿಗೆ ಸಂದರ್ಭದಲ್ಲಿ ಕುಡಿಯುವ ನೀರಿನ ಸಮಸ್ಯೆ ಉಲ್ಬಣವಾಗದಂತೆ ಮುನ್ನೆಚ್ಚರಿಕೆ ವಹಿಸಬೇಕು ಎಂದು ಶಾಸಕ ಸಿ.ಬಿ. ಸುರೇಶಬಾಬು ಅಧಿಕಾರಿಗಳಿಗೆ ಕಟ್ಟುನಿಟ್ಟಿನ ಸೂಚನೆ ನೀಡಿದರು. ಪಟ್ಟಣದ ತಾಲ್ಲೂಕು ಆಡಳಿತ ಸೌಧದಲ್ಲಿ ಸೋಮವಾರ ನಡೆದ ಟಾಸ್ಕ್‌ಫೋರ್ಸ್ ಸಮಿತಿ ಸಭೆಯ ಅಧ್ಯಕ್ಷತೆ ವಹಿಸಿ ಅವರು ಮಾತನಾಡಿದರು. ನೀರಿನ ಪೂರೈಕೆ ಮತ್ತು ನಿರ್ವಹಣೆ ಗ್ರಾಮ ಮಟ್ಟದಲ್ಲಿ ಕಾರ್ಯನಿರ್ವಹಿಸುವ ಪಂಚಾಯಿತಿ ವಾಟರ್‌ಮ್ಯಾನ್‌ಗಳು ಸಮರ್ಪಕವಾಗಿ ಕಾರ್ಯನಿರ್ವಹಿಸುತ್ತಿಲ್ಲ ಎಂಬ ದೂರುಗಳು ಬರುತ್ತಿವೆ. ಆದ್ದರಿಂದ ಕುಡಿಯುವ ನೀರಿನ ವ್ಯವಸ್ಥೆಯನ್ನು ಸಮರ್ಪಕವಾಗಿ ನಿರ್ವಹಿಸಬೇಕು
ನೀರಿನ ಅಭಾವವಿರುವ ಕಡೆಗಳಲ್ಲಿ ಟ್ಯಾಂಕರ್‌ಗಳ ಮೂಲಕ ನೀರು ಪೂರೈಸುವ ವ್ಯವಸ್ಥೆ ಮಾಡಬೇಕು. ಜಾತ್ರಾ ಮಹೋತ್ಸವ ಮತ್ತು ಆರೋಗ್ಯ ಪ್ರತ್ಯೇಕ ತಾಲ್ಲೂಕಿನ ಪ್ರಮುಖ ಜಾತ್ರೆಗಳು ಹಿತ್ತಾಳೆ ನಡೆಯುತ್ತಿದ್ದು ಅಲ್ಲಿನ ಸ್ವಚ್ಛತೆ ನೈರ್ಮಲ್ಯಕ್ಕೆ ಮೊದಲ ಆದ್ಯತೆ ನೀಡಬೇಕು. ಜಾನುವಾರುಗಳಿಗೆ ಸಾಂಕ್ರಾಮಿಕ ರೋಗಗಳು ಹರಡದಂತೆ ಎಚ್ಚರ ವಹಿಸಬೇಕು ಎಂದರು.
ಜಾನುವಾರುಗಳಿಗೆ ಮೇವು ಮತ್ತು ನೀರಿನ ಲಭ್ಯತೆಯ ಬಗ್ಗೆಯೂ ಗಮನಹರಿಸುವಂತೆ ಸೂಚಿಸಿದರು. ತಹಸೀಲ್ದಾರ್ ಪುರಂದರ್ ಮಾತನಾಡಿ, ಅಧಿಕಾರಿಗಳು ಕೇಂದ್ರ ಸ್ಥಾನದಲ್ಲಿ ಇರಬೇಕು. ಕುಡಿಯುವ ನೀರು ಸಮಸ್ಯೆ ಇರುವ ಗ್ರಾಮಗಳ ಬಗ್ಗೆ ಮಾಹಿತಿ ನೀಡಿ ಎಂದರು. ಮೇವಿನ ಲಭ್ಯತೆ ಪಶು ಇಲಾಖೆಯ ಸಹಾಯಕ
ನಿರ್ದೇಶಕ ಕಾಂತರಾಜು ಮಾಹಿತಿ ನೀಡಿ, ತಾಲ್ಲೂಕಿನಲ್ಲಿ ಮುಂದಿನ 49 ವಾರಗಳಿಗೆ ಆಗುವಷ್ಟು ಮೇವಿನ ದಾಸ್ತಾನು ಲಭ್ಯವಿದ್ದು ಸದ್ಯಕ್ಕೆ ಯಾವುದೇ ಮೇವಿನ ಅಭಾವ ಉಂಟಾಗುವುದಿಲ್ಲ ಎಂದು ಸಭೆಗೆ ತಿಳಿಸಿದರು. ಸಮಸ್ಯೆ ಇರುವ ಗ್ರಾಮಗಳು: ಹೊಸ್ಸಳ್ಳಿ, ಸಿದ್ದನಕಟ್ಟೆ ಹಾಗೂ ದಬ್ಬೆಗುಂಟೆ ಗ್ರಾಮಗಳಲ್ಲಿ ಪ್ರಸ್ತುತ ನೀರಿನ ಸಮಸ್ಯೆ ಇದ್ದು, ಅದನ್ನು ತ್ವರಿತವಾಗಿ ಬಗೆಹರಿಸಲು ಸೂಚಿಸಲಾಗಿದೆ. ಸಭೆಯಲ್ಲಿ ಇ.ಒ. ದೊಡ್ಡಸಿದ್ದಯ್ಯ, ಲೋಕೋಪಯೋಗಿ ಇಲಾಖೆ ಎಇಇ ನಾಗರಾಜು, ಜಿಲ್ಲಾ ಪಂಚಾಯಿತಿ ಎಇಇ ಸೇರಿದಂತೆ ವಿವಿಧ ಇಲಾಖೆಯ ಅಧಿಕಾರಿಗಳು ಉಪಸ್ಥಿತರಿದ್ದರು.
